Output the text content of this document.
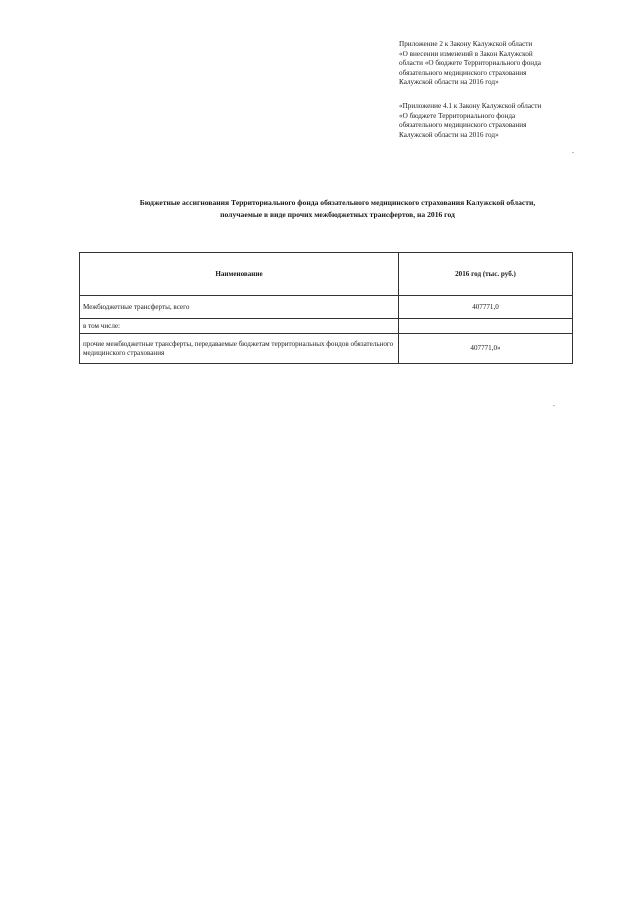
Приложение 2 к Закону Калужской области
«О внесении изменений в Закон Калужской
области «О бюджете Территориального фонда
обязательного медицинского страхования
Калужской области на 2016 год»
«Приложение 4.1 к Закону Калужской области
«О бюджете Территориального фонда
обязательного медицинского страхования
Калужской области на 2016 год»
Бюджетные ассигнования Территориального фонда обязательного медицинского страхования Калужской области,
получаемые в виде прочих межбюджетных трансфертов, на 2016 год
Наименование	2016 год (тыс. руб.)
Межбюджетные трансферты, всего	407771,0
в том числе:	
прочие межбюджетные трансферты, передаваемые бюджетам территориальных фондов обязательного медицинского страхования	407771,0»
